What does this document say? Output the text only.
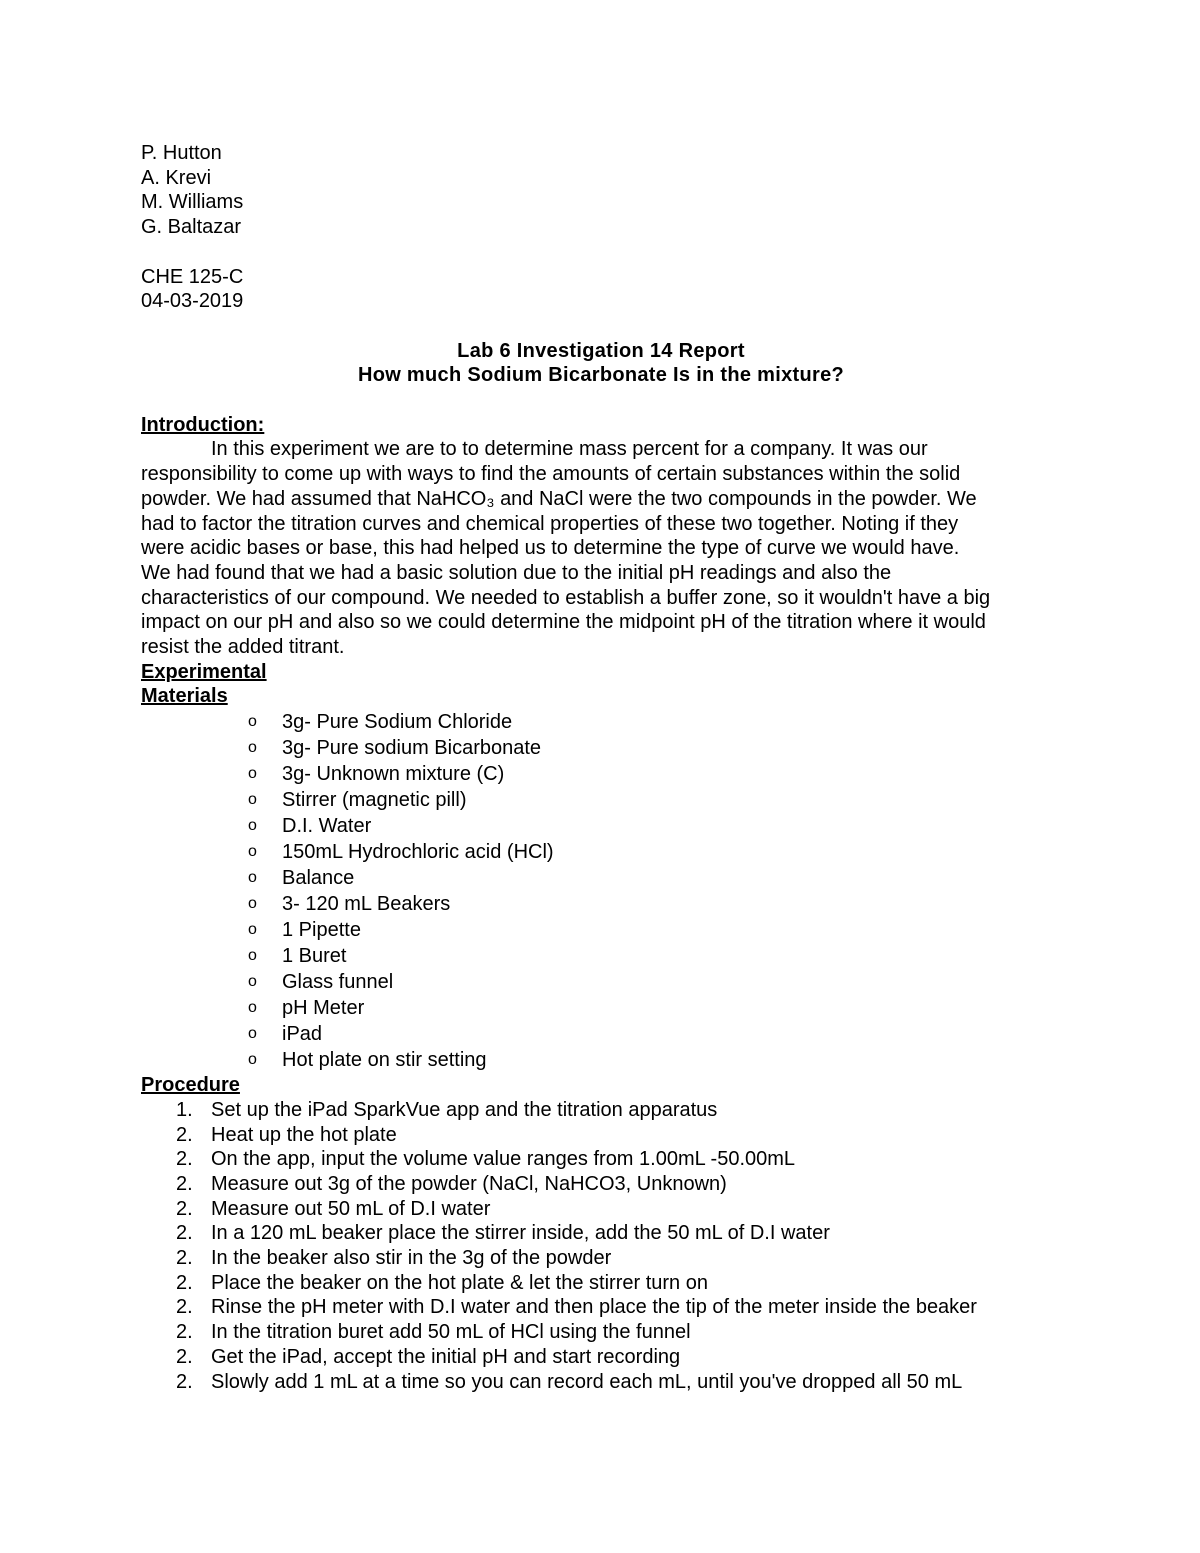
P. Hutton
A. Krevi
M. Williams
G. Baltazar
CHE 125-C
04-03-2019
Lab 6 Investigation 14 Report
How much Sodium Bicarbonate Is in the mixture?
Introduction:
In this experiment we are to to determine mass percent for a company. It was our
responsibility to come up with ways to find the amounts of certain substances within the solid
powder. We had assumed that NaHCO₃ and NaCl were the two compounds in the powder. We
had to factor the titration curves and chemical properties of these two together. Noting if they
were acidic bases or base, this had helped us to determine the type of curve we would have.
We had found that we had a basic solution due to the initial pH readings and also the
characteristics of our compound. We needed to establish a buffer zone, so it wouldn't have a big
impact on our pH and also so we could determine the midpoint pH of the titration where it would
resist the added titrant.
Experimental
Materials
o 3g- Pure Sodium Chloride
o 3g- Pure sodium Bicarbonate
o 3g- Unknown mixture (C)
o Stirrer (magnetic pill)
o D.I. Water
o 150mL Hydrochloric acid (HCl)
o Balance
o 3- 120 mL Beakers
o 1 Pipette
o 1 Buret
o Glass funnel
o pH Meter
o iPad
o Hot plate on stir setting
Procedure
1. Set up the iPad SparkVue app and the titration apparatus
2. Heat up the hot plate
2. On the app, input the volume value ranges from 1.00mL -50.00mL
2. Measure out 3g of the powder (NaCl, NaHCO3, Unknown)
2. Measure out 50 mL of D.I water
2. In a 120 mL beaker place the stirrer inside, add the 50 mL of D.I water
2. In the beaker also stir in the 3g of the powder
2. Place the beaker on the hot plate & let the stirrer turn on
2. Rinse the pH meter with D.I water and then place the tip of the meter inside the beaker
2. In the titration buret add 50 mL of HCl using the funnel
2. Get the iPad, accept the initial pH and start recording
2. Slowly add 1 mL at a time so you can record each mL, until you've dropped all 50 mL
